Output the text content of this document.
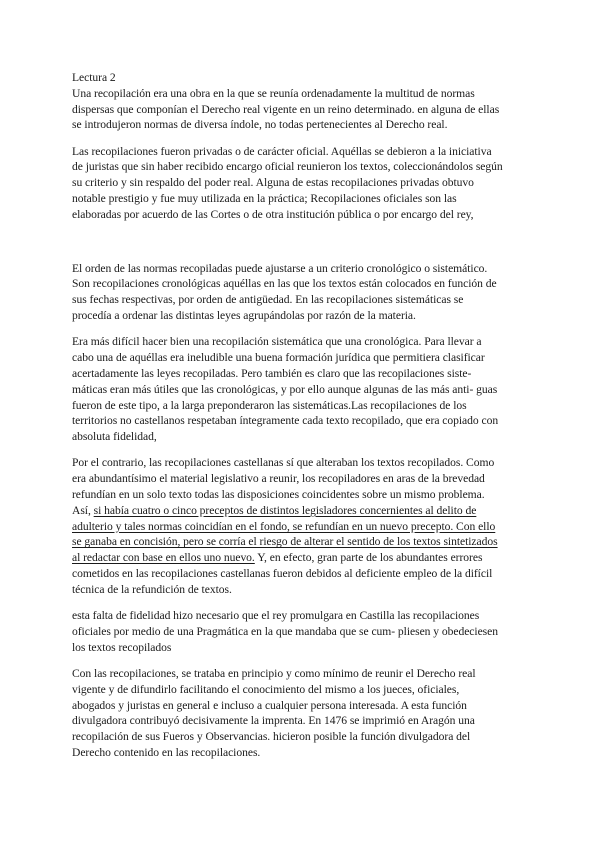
Lectura 2
Una recopilación era una obra en la que se reunía ordenadamente la multitud de normas
dispersas que componían el Derecho real vigente en un reino determinado. en alguna de ellas
se introdujeron normas de diversa índole, no todas pertenecientes al Derecho real.
Las recopilaciones fueron privadas o de carácter oficial. Aquéllas se debieron a la iniciativa
de juristas que sin haber recibido encargo oficial reunieron los textos, coleccionándolos según
su criterio y sin respaldo del poder real. Alguna de estas recopilaciones privadas obtuvo
notable prestigio y fue muy utilizada en la práctica; Recopilaciones oficiales son las
elaboradas por acuerdo de las Cortes o de otra institución pública o por encargo del rey,
El orden de las normas recopiladas puede ajustarse a un criterio cronológico o sistemático.
Son recopilaciones cronológicas aquéllas en las que los textos están colocados en función de
sus fechas respectivas, por orden de antigüedad. En las recopilaciones sistemáticas se
procedía a ordenar las distintas leyes agrupándolas por razón de la materia.
Era más difícil hacer bien una recopilación sistemática que una cronológica. Para llevar a
cabo una de aquéllas era ineludible una buena formación jurídica que permitiera clasificar
acertadamente las leyes recopiladas. Pero también es claro que las recopilaciones siste-
máticas eran más útiles que las cronológicas, y por ello aunque algunas de las más anti- guas
fueron de este tipo, a la larga preponderaron las sistemáticas.Las recopilaciones de los
territorios no castellanos respetaban íntegramente cada texto recopilado, que era copiado con
absoluta fidelidad,
Por el contrario, las recopilaciones castellanas sí que alteraban los textos recopilados. Como
era abundantísimo el material legislativo a reunir, los recopiladores en aras de la brevedad
refundían en un solo texto todas las disposiciones coincidentes sobre un mismo problema.
Así, si había cuatro o cinco preceptos de distintos legisladores concernientes al delito de
adulterio y tales normas coincidían en el fondo, se refundían en un nuevo precepto. Con ello
se ganaba en concisión, pero se corría el riesgo de alterar el sentido de los textos sintetizados
al redactar con base en ellos uno nuevo. Y, en efecto, gran parte de los abundantes errores
cometidos en las recopilaciones castellanas fueron debidos al deficiente empleo de la difícil
técnica de la refundición de textos.
esta falta de fidelidad hizo necesario que el rey promulgara en Castilla las recopilaciones
oficiales por medio de una Pragmática en la que mandaba que se cum- pliesen y obedeciesen
los textos recopilados
Con las recopilaciones, se trataba en principio y como mínimo de reunir el Derecho real
vigente y de difundirlo facilitando el conocimiento del mismo a los jueces, oficiales,
abogados y juristas en general e incluso a cualquier persona interesada. A esta función
divulgadora contribuyó decisivamente la imprenta. En 1476 se imprimió en Aragón una
recopilación de sus Fueros y Observancias. hicieron posible la función divulgadora del
Derecho contenido en las recopilaciones.
